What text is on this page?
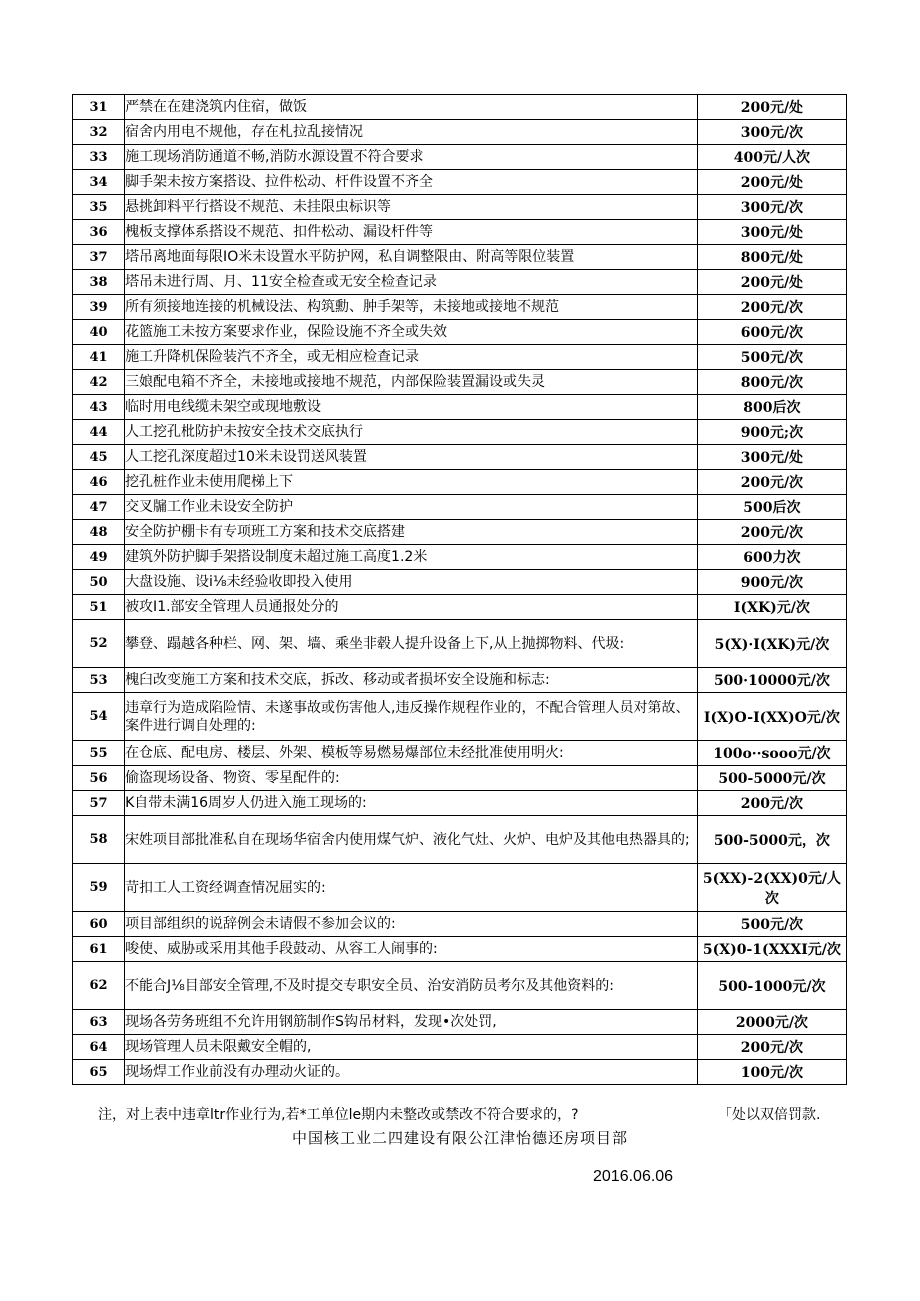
31	严禁在在建浇筑内住宿，做饭	200元/处
32	宿舍内用电不规他，存在札拉乱接情况	300元/次
33	施工现场消防通道不畅,消防水源设置不符合要求	400元/人次
34	脚手架未按方案搭设、拉件松动、杆件设置不齐全	200元/处
35	悬挑卸料平行搭设不规范、未挂限虫标识等	300元/次
36	槐板支撑体系搭设不规范、扣件松动、漏设杆件等	300元/处
37	塔吊离地面每限IO米未设置水平防护网，私自调整限由、附高等限位装置	800元/处
38	塔吊未进行周、月、11安全检查或无安全检查记录	200元/处
39	所有须接地连接的机械设法、构筑勳、肿手架等，未接地或接地不规范	200元/次
40	花篮施工未按方案要求作业，保险设施不齐全或失效	600元/次
41	施工升降机保险装汽不齐全，或无相应检查记录	500元/次
42	三娘配电箱不齐全，未接地或接地不规范，内部保险装置漏设或失灵	800元/次
43	临时用电线缆未架空或现地敷设	800后次
44	人工挖孔枇防护未按安全技术交底执行	900元;次
45	人工挖孔深度超过10米未设罚送风装置	300元/处
46	挖孔桩作业未使用爬梯上下	200元/次
47	交叉牖工作业未设安全防护	500后次
48	安全防护棚卡有专项班工方案和技术交底搭建	200元/次
49	建筑外防护脚手架搭设制度未超过施工高度1.2米	600力次
50	大盘设施、设i⅛未经验收即投入使用	900元/次
51	被攻I1.部安全管理人员通报处分的	I(XK)元/次
52	攀登、蹋越各种栏、网、架、墙、乘坐非毂人提升设备上下,从上抛掷物料、代圾:	5(X)·I(XK)元/次
53	槐臼改变施工方案和技术交底，拆改、移动或者损坏安全设施和标志:	500·10000元/次
54	违章行为造成陷险情、未遂事故或伤害他人,违反操作规程作业的，不配合管理人员对第故、案件进行调自处理的:	I(X)O-I(XX)O元/次
55	在仓底、配电房、楼层、外架、模板等易燃易爆部位未经批准使用明火:	100o··sooo元/次
56	偷盗现场设备、物资、零星配件的:	500-5000元/次
57	K自带未满16周岁人仍进入施工现场的:	200元/次
58	宋姓项目部批准私自在现场华宿舍内使用煤气炉、液化气灶、火炉、电炉及其他电热器具的;	500-5000元，次
59	苛扣工人工资经调查情况屈实的:	5(XX)-2(XX)0元/人次
60	项目部组织的说辞例会未请假不参加会议的:	500元/次
61	唆使、威胁或采用其他手段鼓动、从容工人闹事的:	5(X)0-1(XXXI元/次
62	不能合J⅛目部安全管理,不及时提交专职安全员、治安消防员考尔及其他资料的:	500-1000元/次
63	现场各劳务班组不允许用钢筋制作S钩吊材料，发现•次处罚,	2000元/次
64	现场管理人员未限戴安全帽的,	200元/次
65	现场焊工作业前没有办理动火证的。	100元/次
注，对上表中违章ltr作业行为,若*工单位le期内未整改或禁改不符合要求的，?	「处以双倍罚款.
中国核工业二四建设有限公江津怡德还房项目部
2016.06.06
